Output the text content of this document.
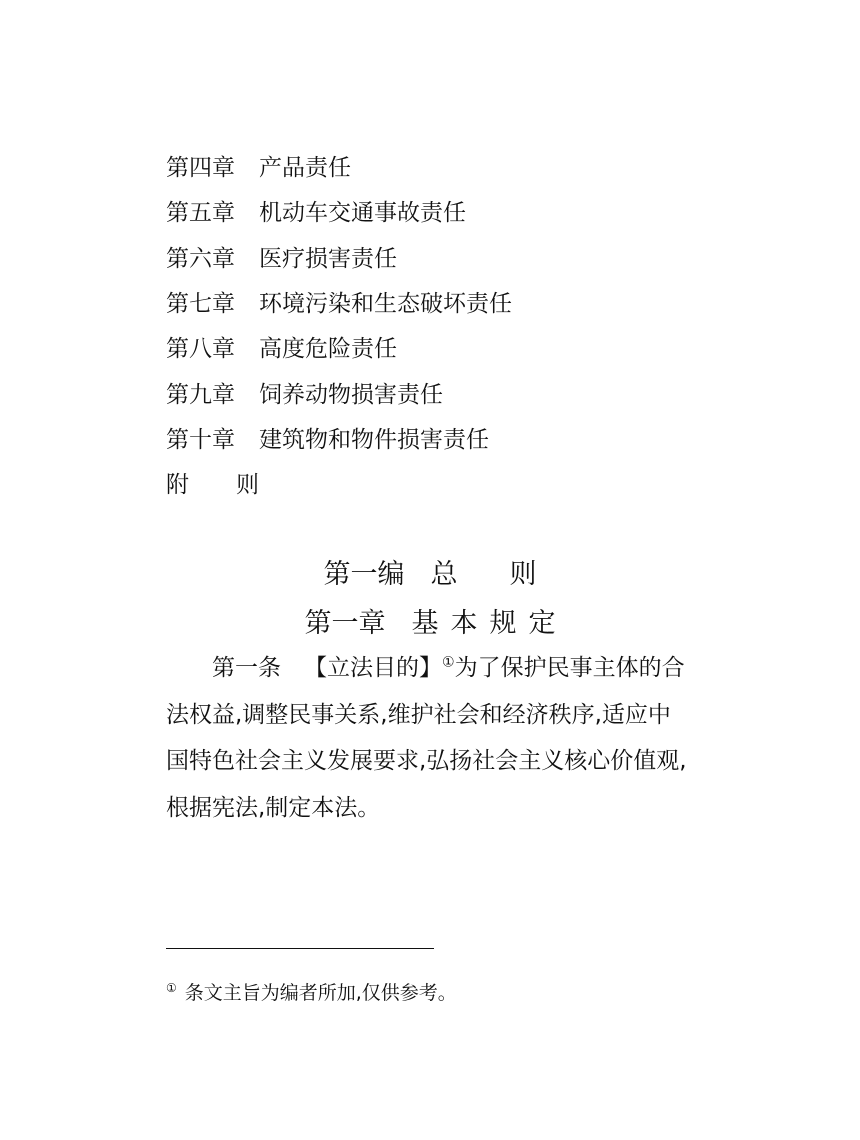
第四章	产品责任
第五章	机动车交通事故责任
第六章	医疗损害责任
第七章	环境污染和生态破坏责任
第八章	高度危险责任
第九章	饲养动物损害责任
第十章	建筑物和物件损害责任
附	则
第一编 总 则
第一章 基 本 规 定
第一条 【立法目的】①为了保护民事主体的合
法权益,调整民事关系,维护社会和经济秩序,适应中
国特色社会主义发展要求,弘扬社会主义核心价值观,
根据宪法,制定本法。
① 条文主旨为编者所加,仅供参考。
